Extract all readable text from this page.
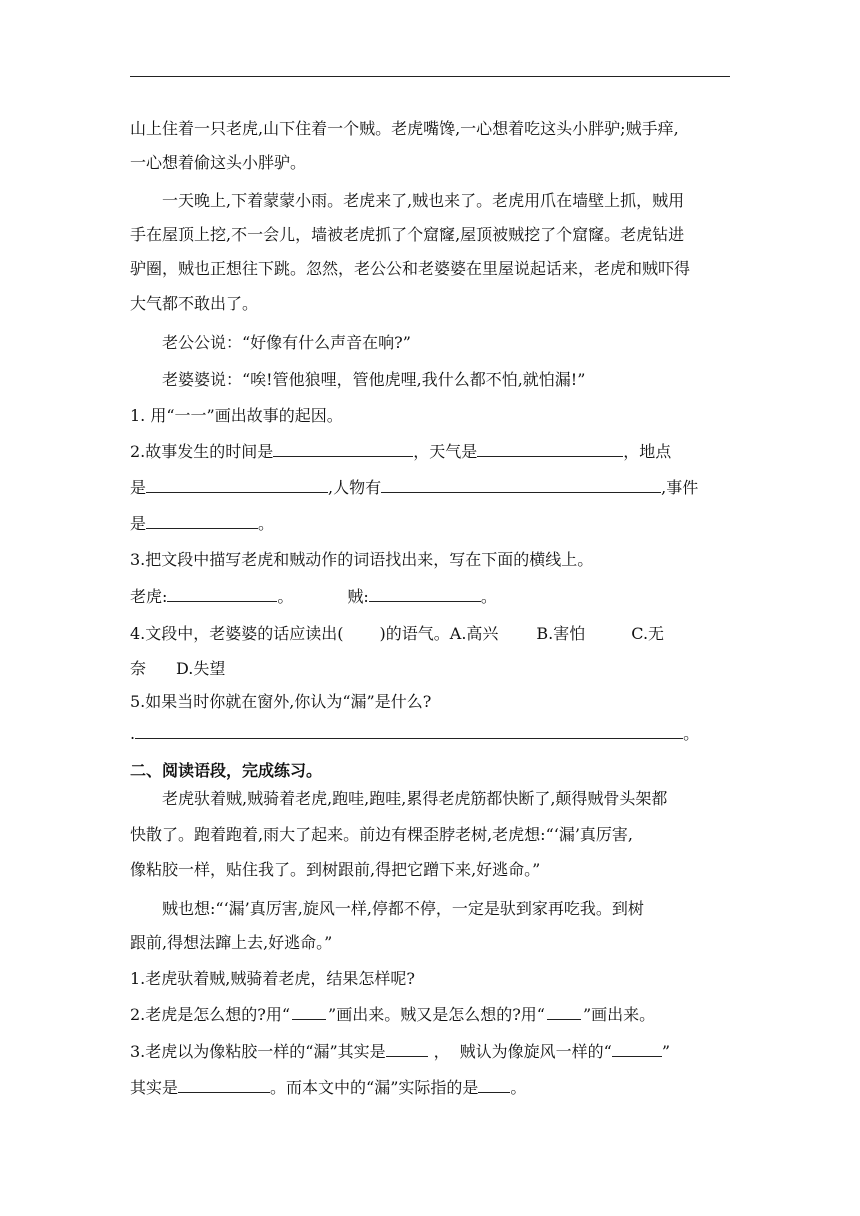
山上住着一只老虎,山下住着一个贼。老虎嘴馋,一心想着吃这头小胖驴;贼手痒,
一心想着偷这头小胖驴。
一天晚上,下着蒙蒙小雨。老虎来了,贼也来了。老虎用爪在墙壁上抓，贼用
手在屋顶上挖,不一会儿，墙被老虎抓了个窟窿,屋顶被贼挖了个窟窿。老虎钻进
驴圈，贼也正想往下跳。忽然，老公公和老婆婆在里屋说起话来，老虎和贼吓得
大气都不敢出了。
老公公说：“好像有什么声音在响?”
老婆婆说：“唉!管他狼哩，管他虎哩,我什么都不怕,就怕漏!”
1. 用“一一”画出故事的起因。
2.故事发生的时间是	，天气是	，地点
是	,人物有	,事件
是	。
3.把文段中描写老虎和贼动作的词语找出来，写在下面的横线上。
老虎:	。	贼:	。
4.文段中，老婆婆的话应读出( )的语气。A.高兴 B.害怕	C.无
奈 D.失望
5.如果当时你就在窗外,你认为“漏”是什么?
.	。
二、阅读语段，完成练习。
老虎驮着贼,贼骑着老虎,跑哇,跑哇,累得老虎筋都快断了,颠得贼骨头架都
快散了。跑着跑着,雨大了起来。前边有棵歪脖老树,老虎想:“‘漏’真厉害,
像粘胶一样，贴住我了。到树跟前,得把它蹭下来,好逃命。”
贼也想:“‘漏’真厉害,旋风一样,停都不停，一定是驮到家再吃我。到树
跟前,得想法蹿上去,好逃命。”
1.老虎驮着贼,贼骑着老虎，结果怎样呢?
2.老虎是怎么想的?用“ ”画出来。贼又是怎么想的?用“ ”画出来。
3.老虎以为像粘胶一样的“漏”其实是	， 贼认为像旋风一样的“	”
其实是	。而本文中的“漏”实际指的是 。
